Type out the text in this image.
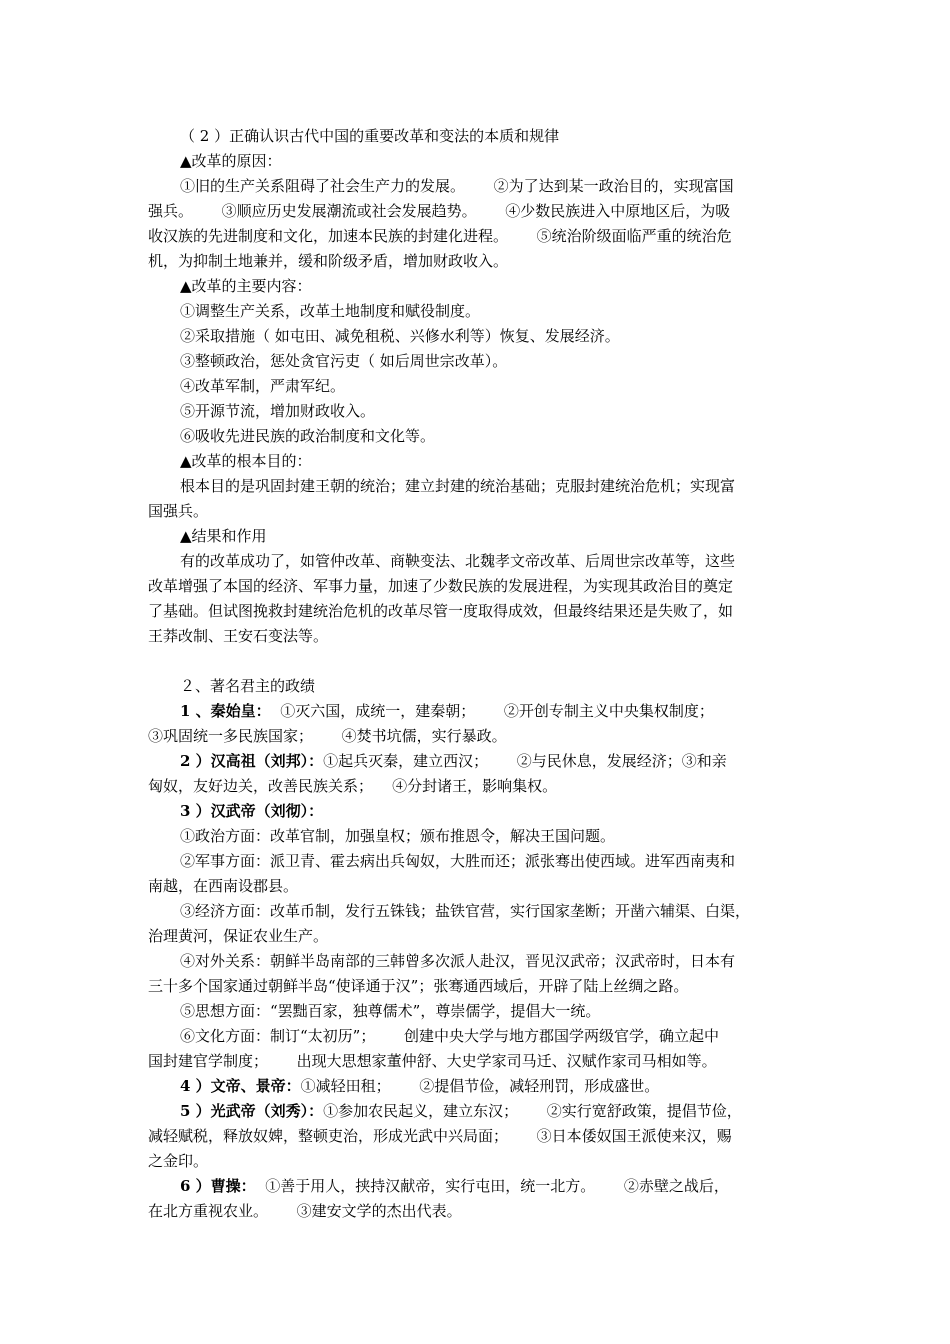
（ 2 ）正确认识古代中国的重要改革和变法的本质和规律
▲改革的原因：
①旧的生产关系阻碍了社会生产力的发展。      ②为了达到某一政治目的，实现富国
强兵。      ③顺应历史发展潮流或社会发展趋势。      ④少数民族进入中原地区后，为吸
收汉族的先进制度和文化，加速本民族的封建化进程。      ⑤统治阶级面临严重的统治危
机，为抑制土地兼并，缓和阶级矛盾，增加财政收入。
▲改革的主要内容：
①调整生产关系，改革土地制度和赋役制度。
②采取措施（ 如屯田、减免租税、兴修水利等）恢复、发展经济。
③整顿政治，惩处贪官污吏（ 如后周世宗改革）。
④改革军制，严肃军纪。
⑤开源节流，增加财政收入。
⑥吸收先进民族的政治制度和文化等。
▲改革的根本目的：
根本目的是巩固封建王朝的统治；建立封建的统治基础；克服封建统治危机；实现富
国强兵。
▲结果和作用
有的改革成功了，如管仲改革、商鞅变法、北魏孝文帝改革、后周世宗改革等，这些
改革增强了本国的经济、军事力量，加速了少数民族的发展进程，为实现其政治目的奠定
了基础。但试图挽救封建统治危机的改革尽管一度取得成效，但最终结果还是失败了，如
王莽改制、王安石变法等。
２、著名君主的政绩
1 、秦始皇：  ①灭六国，成统一，建秦朝；      ②开创专制主义中央集权制度；
③巩固统一多民族国家；      ④焚书坑儒，实行暴政。
2 ）汉高祖（刘邦）：①起兵灭秦，建立西汉；      ②与民休息，发展经济；③和亲
匈奴，友好边关，改善民族关系；    ④分封诸王，影响集权。
3 ）汉武帝（刘彻）：
①政治方面：改革官制，加强皇权；颁布推恩令，解决王国问题。
②军事方面：派卫青、霍去病出兵匈奴，大胜而还；派张骞出使西域。进军西南夷和
南越，在西南设郡县。
③经济方面：改革币制，发行五铢钱；盐铁官营，实行国家垄断；开凿六辅渠、白渠，
治理黄河，保证农业生产。
④对外关系：朝鲜半岛南部的三韩曾多次派人赴汉，晋见汉武帝；汉武帝时，日本有
三十多个国家通过朝鲜半岛“使译通于汉”；张骞通西域后，开辟了陆上丝绸之路。
⑤思想方面：“罢黜百家，独尊儒术”，尊崇儒学，提倡大一统。
⑥文化方面：制订“太初历”；      创建中央大学与地方郡国学两级官学，确立起中
国封建官学制度；      出现大思想家董仲舒、大史学家司马迁、汉赋作家司马相如等。
4 ）文帝、景帝：①减轻田租；      ②提倡节俭，减轻刑罚，形成盛世。
5 ）光武帝（刘秀）：①参加农民起义，建立东汉；      ②实行宽舒政策，提倡节俭，
减轻赋税，释放奴婢，整顿吏治，形成光武中兴局面；      ③日本倭奴国王派使来汉，赐
之金印。
6 ）曹操：  ①善于用人，挟持汉献帝，实行屯田，统一北方。      ②赤壁之战后，
在北方重视农业。      ③建安文学的杰出代表。
